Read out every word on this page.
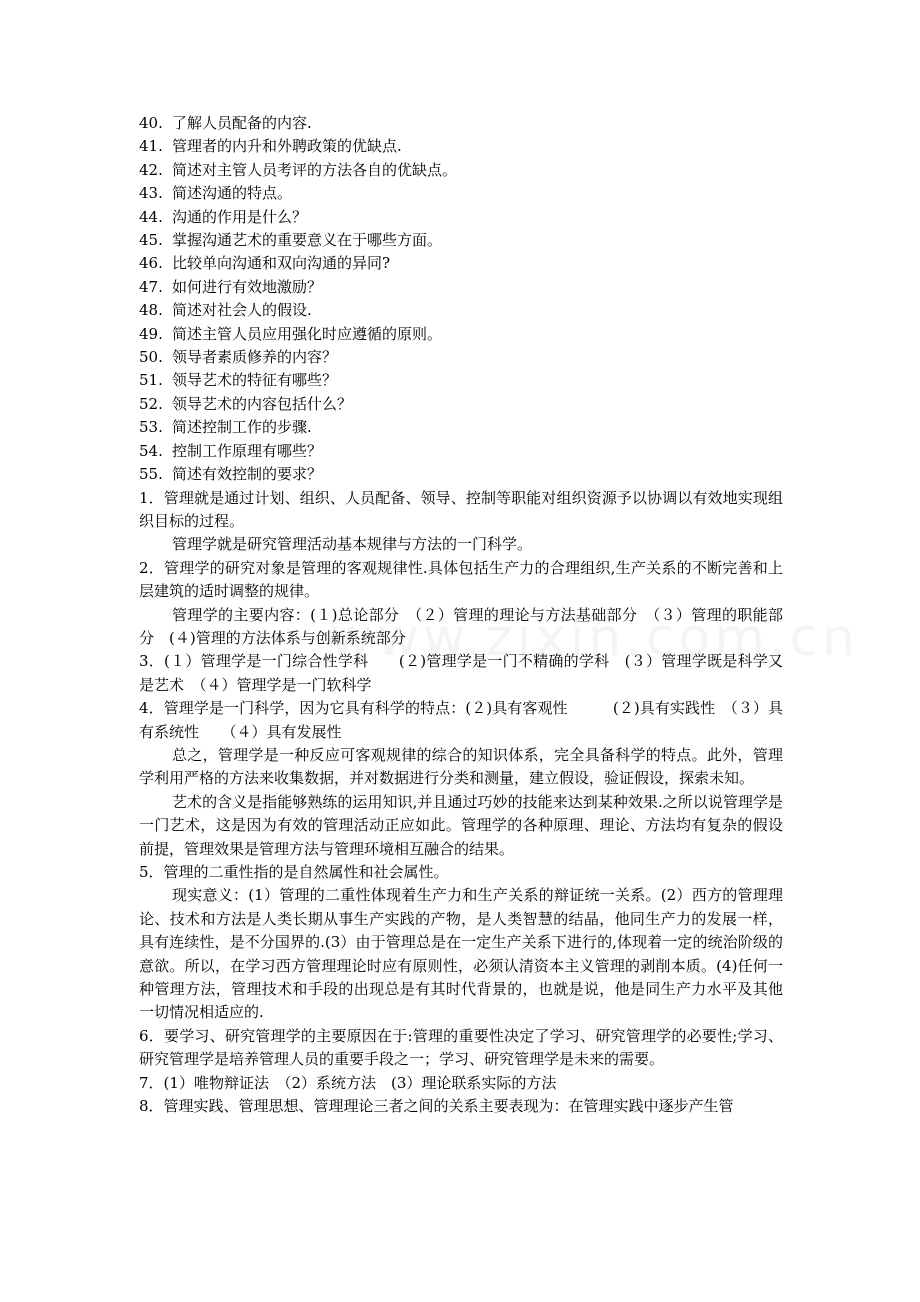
40. 了解人员配备的内容.
41. 管理者的内升和外聘政策的优缺点.
42. 简述对主管人员考评的方法各自的优缺点。
43. 简述沟通的特点。
44. 沟通的作用是什么？
45. 掌握沟通艺术的重要意义在于哪些方面。
46. 比较单向沟通和双向沟通的异同?
47. 如何进行有效地激励？
48. 简述对社会人的假设.
49. 简述主管人员应用强化时应遵循的原则。
50. 领导者素质修养的内容？
51. 领导艺术的特征有哪些？
52. 领导艺术的内容包括什么？
53. 简述控制工作的步骤.
54. 控制工作原理有哪些？
55. 简述有效控制的要求？
1．管理就是通过计划、组织、人员配备、领导、控制等职能对组织资源予以协调以有效地实现组织目标的过程。
管理学就是研究管理活动基本规律与方法的一门科学。
2．管理学的研究对象是管理的客观规律性.具体包括生产力的合理组织,生产关系的不断完善和上层建筑的适时调整的规律。
管理学的主要内容：(１)总论部分　（２）管理的理论与方法基础部分　（３）管理的职能部分　(４)管理的方法体系与创新系统部分
3．(１）管理学是一门综合性学科　　(２)管理学是一门不精确的学科　(３）管理学既是科学又是艺术　（４）管理学是一门软科学
4．管理学是一门科学，因为它具有科学的特点：(２)具有客观性　　　(２)具有实践性　（３）具有系统性　　（４）具有发展性
总之，管理学是一种反应可客观规律的综合的知识体系，完全具备科学的特点。此外，管理学利用严格的方法来收集数据，并对数据进行分类和测量，建立假设，验证假设，探索未知。
艺术的含义是指能够熟练的运用知识,并且通过巧妙的技能来达到某种效果.之所以说管理学是一门艺术，这是因为有效的管理活动正应如此。管理学的各种原理、理论、方法均有复杂的假设前提，管理效果是管理方法与管理环境相互融合的结果。
5．管理的二重性指的是自然属性和社会属性。
现实意义：(1）管理的二重性体现着生产力和生产关系的辩证统一关系。(2）西方的管理理论、技术和方法是人类长期从事生产实践的产物，是人类智慧的结晶，他同生产力的发展一样，具有连续性，是不分国界的.(3）由于管理总是在一定生产关系下进行的,体现着一定的统治阶级的意欲。所以，在学习西方管理理论时应有原则性，必须认清资本主义管理的剥削本质。(4)任何一种管理方法，管理技术和手段的出现总是有其时代背景的，也就是说，他是同生产力水平及其他一切情况相适应的.
6．要学习、研究管理学的主要原因在于:管理的重要性决定了学习、研究管理学的必要性;学习、研究管理学是培养管理人员的重要手段之一；学习、研究管理学是未来的需要。
7．(1）唯物辩证法　（2）系统方法　(3）理论联系实际的方法
8．管理实践、管理思想、管理理论三者之间的关系主要表现为：在管理实践中逐步产生管
